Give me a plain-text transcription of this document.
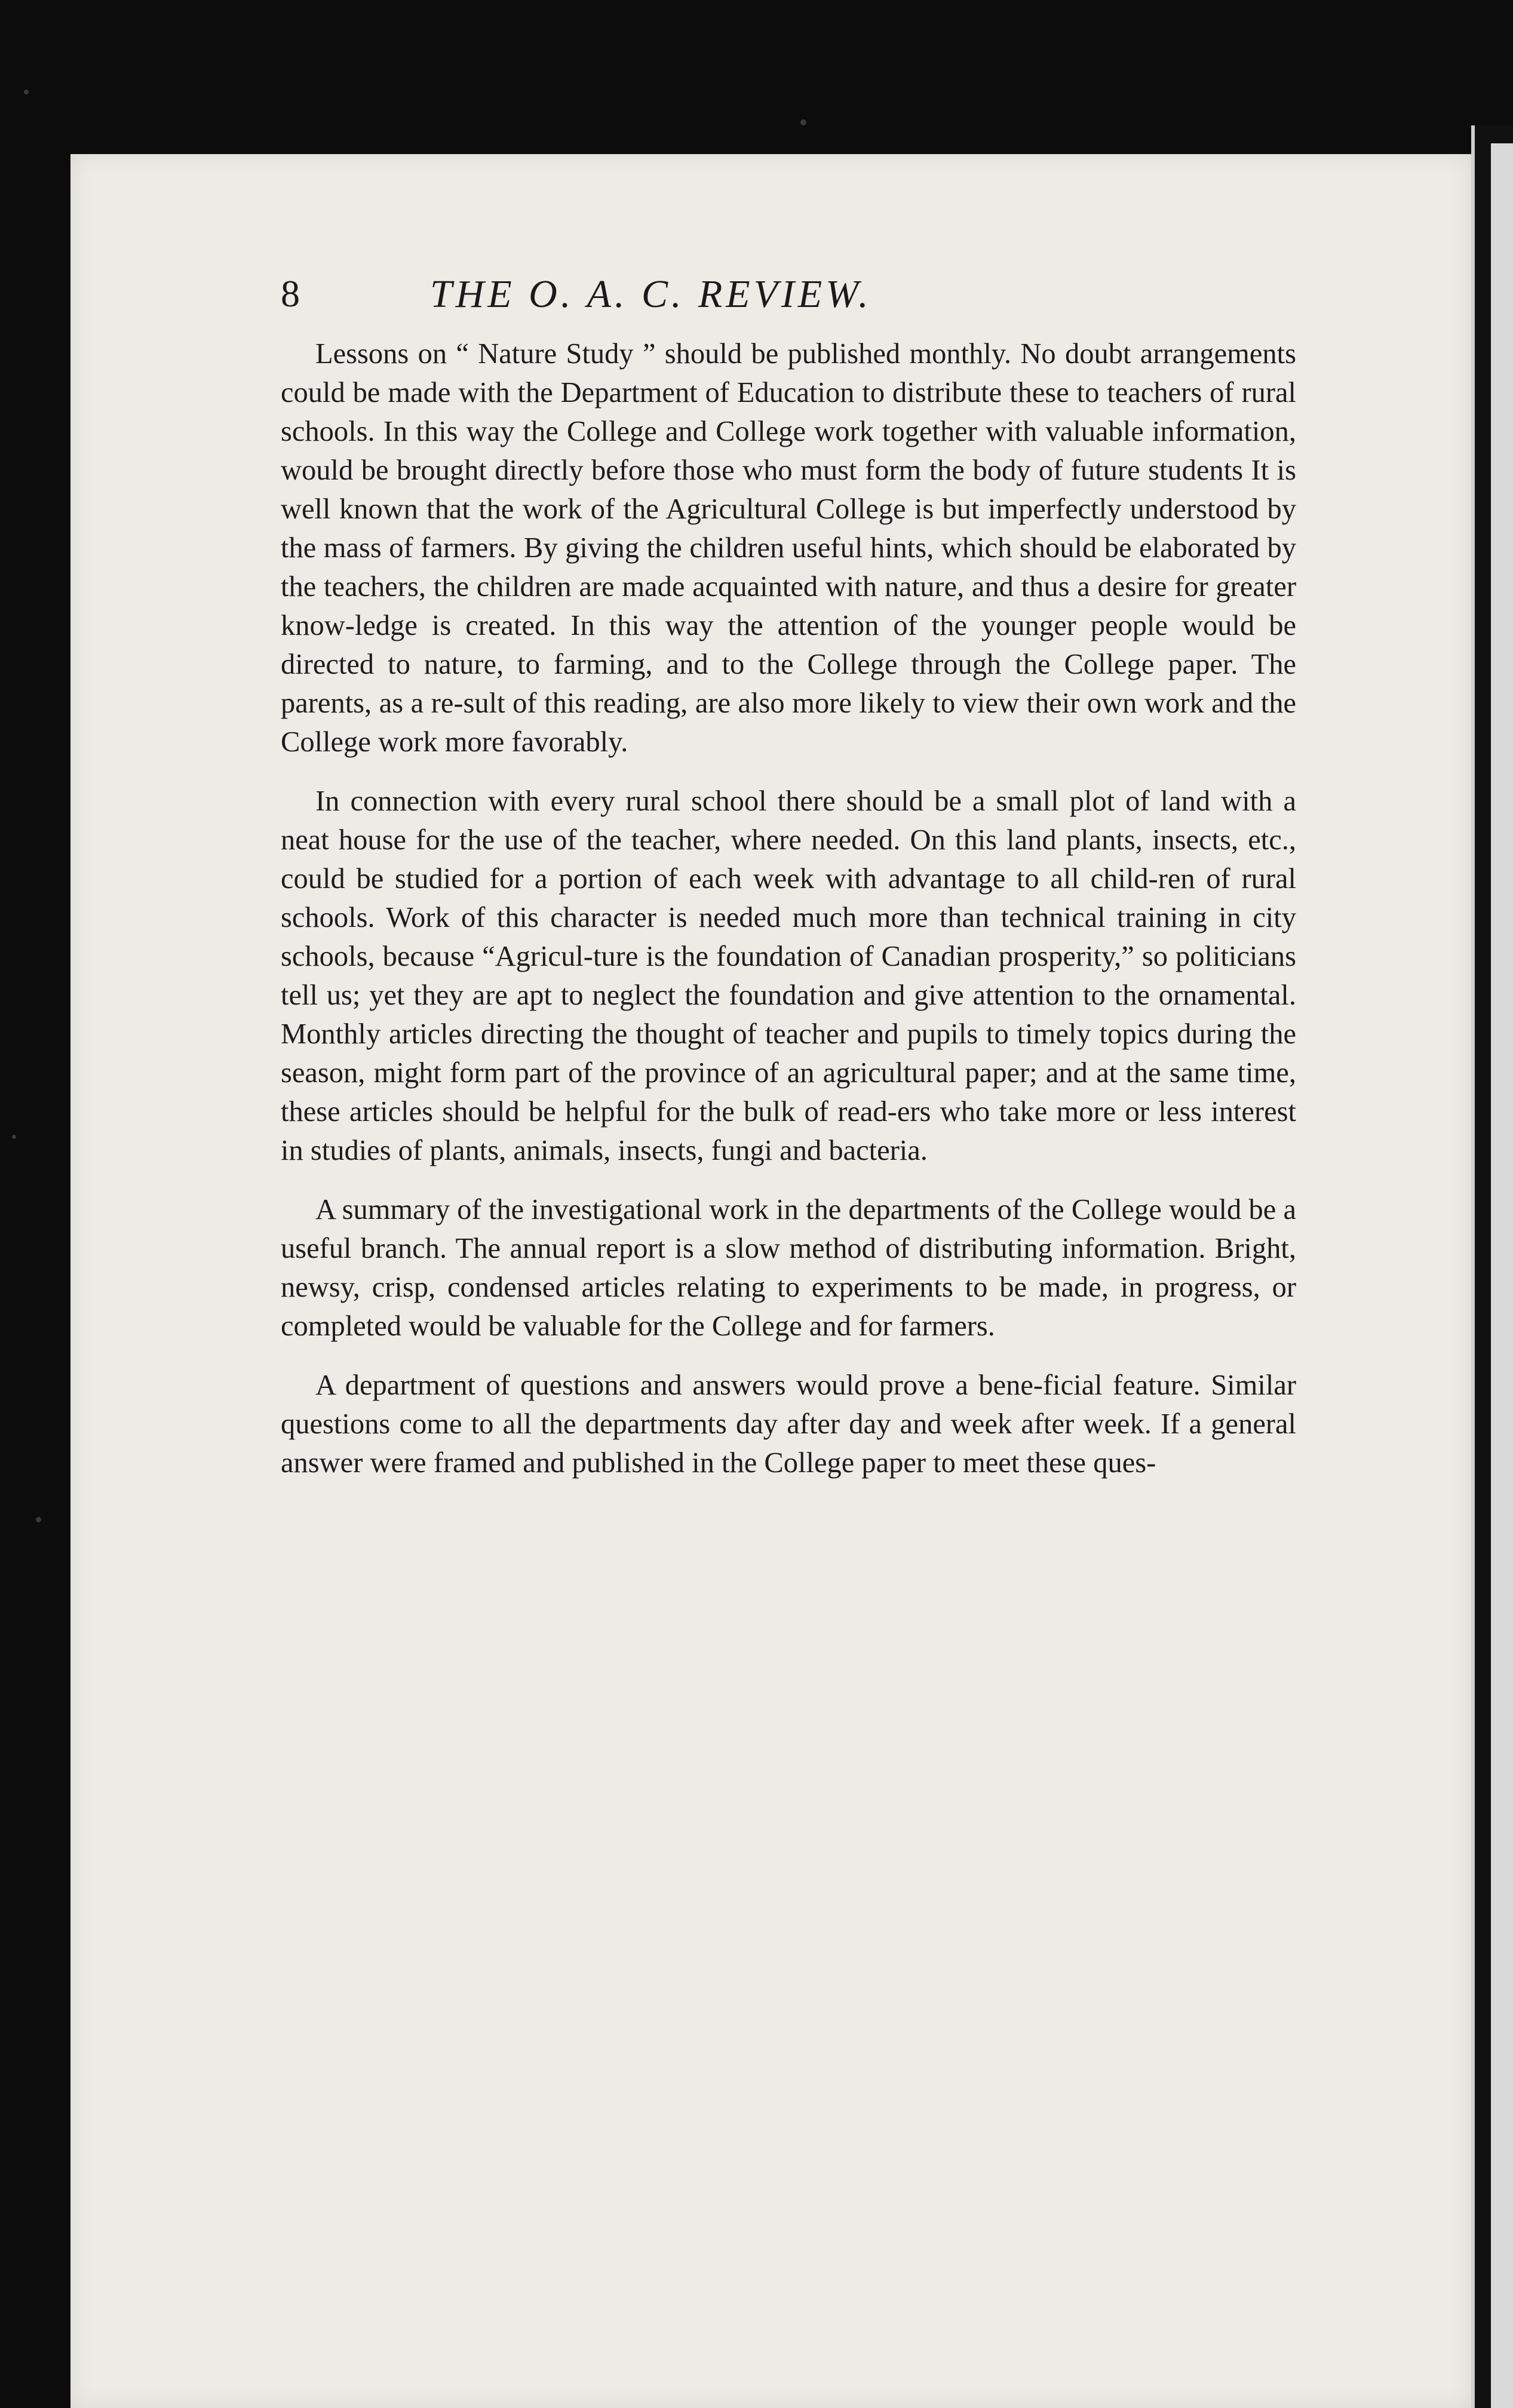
8	THE O. A. C. REVIEW.

Lessons on “ Nature Study ” should be published monthly. No doubt arrangements could be made with the Department of Education to distribute these to teachers of rural schools. In this way the College and College work together with valuable information, would be brought directly before those who must form the body of future students It is well known that the work of the Agricultural College is but imperfectly understood by the mass of farmers. By giving the children useful hints, which should be elaborated by the teachers, the children are made acquainted with nature, and thus a desire for greater know-ledge is created. In this way the attention of the younger people would be directed to nature, to farming, and to the College through the College paper. The parents, as a re-sult of this reading, are also more likely to view their own work and the College work more favorably.

In connection with every rural school there should be a small plot of land with a neat house for the use of the teacher, where needed. On this land plants, insects, etc., could be studied for a portion of each week with advantage to all child-ren of rural schools. Work of this character is needed much more than technical training in city schools, because “Agricul-ture is the foundation of Canadian prosperity,” so politicians tell us; yet they are apt to neglect the foundation and give attention to the ornamental. Monthly articles directing the thought of teacher and pupils to timely topics during the season, might form part of the province of an agricultural paper; and at the same time, these articles should be helpful for the bulk of read-ers who take more or less interest in studies of plants, animals, insects, fungi and bacteria.

A summary of the investigational work in the departments of the College would be a useful branch. The annual report is a slow method of distributing information. Bright, newsy, crisp, condensed articles relating to experiments to be made, in progress, or completed would be valuable for the College and for farmers.

A department of questions and answers would prove a bene-ficial feature. Similar questions come to all the departments day after day and week after week. If a general answer were framed and published in the College paper to meet these ques-
